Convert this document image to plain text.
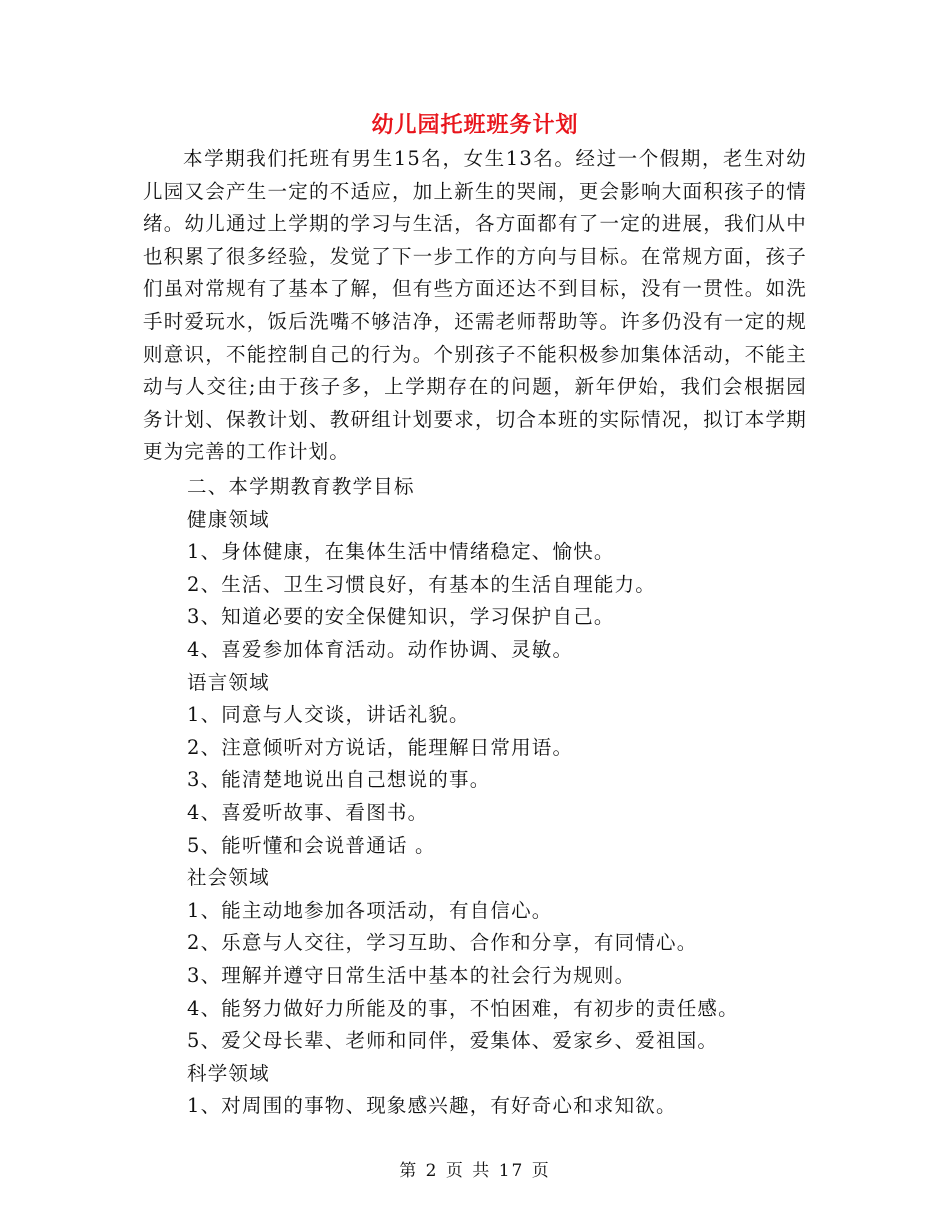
幼儿园托班班务计划

本学期我们托班有男生15名，女生13名。经过一个假期，老生对幼儿园又会产生一定的不适应，加上新生的哭闹，更会影响大面积孩子的情绪。幼儿通过上学期的学习与生活，各方面都有了一定的进展，我们从中也积累了很多经验，发觉了下一步工作的方向与目标。在常规方面，孩子们虽对常规有了基本了解，但有些方面还达不到目标，没有一贯性。如洗手时爱玩水，饭后洗嘴不够洁净，还需老师帮助等。许多仍没有一定的规则意识，不能控制自己的行为。个别孩子不能积极参加集体活动，不能主动与人交往;由于孩子多，上学期存在的问题，新年伊始，我们会根据园务计划、保教计划、教研组计划要求，切合本班的实际情况，拟订本学期更为完善的工作计划。

二、本学期教育教学目标
健康领域
1、身体健康，在集体生活中情绪稳定、愉快。
2、生活、卫生习惯良好，有基本的生活自理能力。
3、知道必要的安全保健知识，学习保护自己。
4、喜爱参加体育活动。动作协调、灵敏。
语言领域
1、同意与人交谈，讲话礼貌。
2、注意倾听对方说话，能理解日常用语。
3、能清楚地说出自己想说的事。
4、喜爱听故事、看图书。
5、能听懂和会说普通话 。
社会领域
1、能主动地参加各项活动，有自信心。
2、乐意与人交往，学习互助、合作和分享，有同情心。
3、理解并遵守日常生活中基本的社会行为规则。
4、能努力做好力所能及的事，不怕困难，有初步的责任感。
5、爱父母长辈、老师和同伴，爱集体、爱家乡、爱祖国。
科学领域
1、对周围的事物、现象感兴趣，有好奇心和求知欲。
第 2 页 共 17 页
